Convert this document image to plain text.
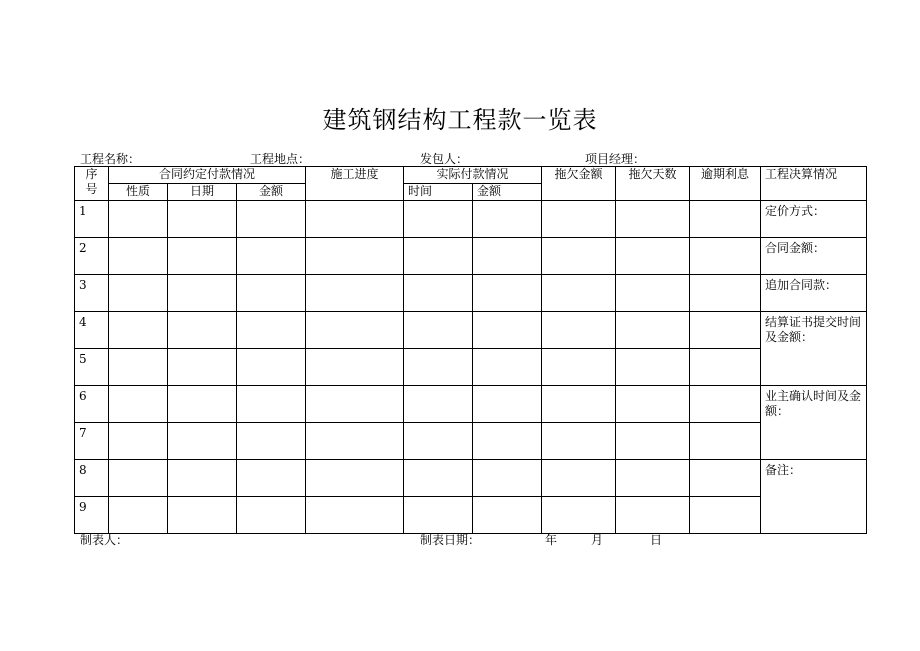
建筑钢结构工程款一览表
工程名称：	工程地点：	发包人：	项目经理：
序
号	合同约定付款情况			施工进度	实际付款情况		拖欠金额	拖欠天数	逾期利息	工程决算情况
	性质	日期	金额		时间	金额				
1										定价方式：
2										合同金额：
3										追加合同款：
4										结算证书提交时间及金额：
5										
6										业主确认时间及金额：
7										
8										备注：
9										
制表人：	制表日期：	年	月	日
